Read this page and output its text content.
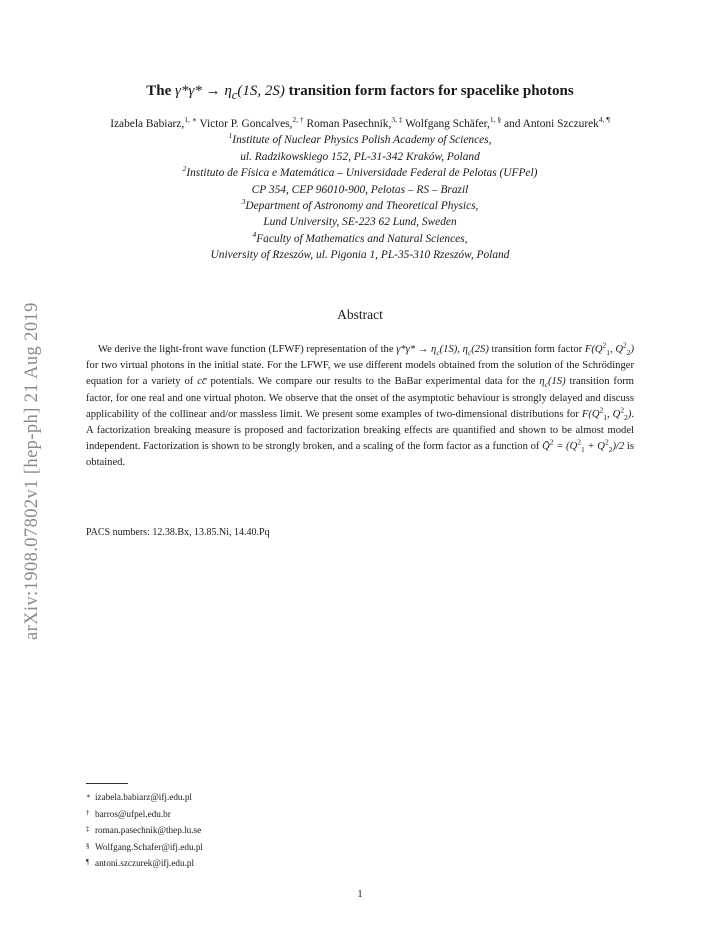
arXiv:1908.07802v1 [hep-ph] 21 Aug 2019
The $\gamma*\gamma* \to \eta_c(1S$, 2S) transition form factors for spacelike photons
Izabela Babiarz,$^{1, ∗}$ Victor P. Goncalves,$^{2, \dagger}$ Roman Pasechnik,$^{3, \ddagger}$ Wolfgang Schäfer,$^{1, \S}$ and Antoni Szczurek$^{4, \P}$
$^1$Institute of Nuclear Physics Polish Academy of Sciences,
ul. Radzikowskiego 152, PL-31-342 Kraków, Poland
$^2$Instituto de Física e Matemática – Universidade Federal de Pelotas (UFPel)
CP 354, CEP 96010-900, Pelotas – RS – Brazil
$^3$Department of Astronomy and Theoretical Physics,
Lund University, SE-223 62 Lund, Sweden
$^4$Faculty of Mathematics and Natural Sciences,
University of Rzeszów, ul. Pigonia 1, PL-35-310 Rzeszów, Poland
Abstract
We derive the light-front wave function (LFWF) representation of the $\gamma*\gamma* \to \eta_c(1S)$, $\eta_c(2S)$ transition form factor $F(Q^2_1$, $Q^2_2$) for two virtual photons in the initial state. For the LFWF, we use different models obtained from the solution of the Schrödinger equation for a variety of cc̄ potentials. We compare our results to the BaBar experimental data for the $\eta_c(1S)$ transition form factor, for one real and one virtual photon. We observe that the onset of the asymptotic behaviour is strongly delayed and discuss applicability of the collinear and/or massless limit. We present some examples of two-dimensional distributions for $F(Q^2_1$, $Q^2_2$). A factorization breaking measure is proposed and factorization breaking effects are quantified and shown to be almost model independent. Factorization is shown to be strongly broken, and a scaling of the form factor as a function of Q̄$^2$ = $(Q^2_1 + Q^2_2)/2$ is obtained.
PACS numbers: 12.38.Bx, 13.85.Ni, 14.40.Pq
∗ izabela.babiarz@ifj.edu.pl
† barros@ufpel.edu.br
‡ roman.pasechnik@thep.lu.se
§ Wolfgang.Schafer@ifj.edu.pl
¶ antoni.szczurek@ifj.edu.pl
1
